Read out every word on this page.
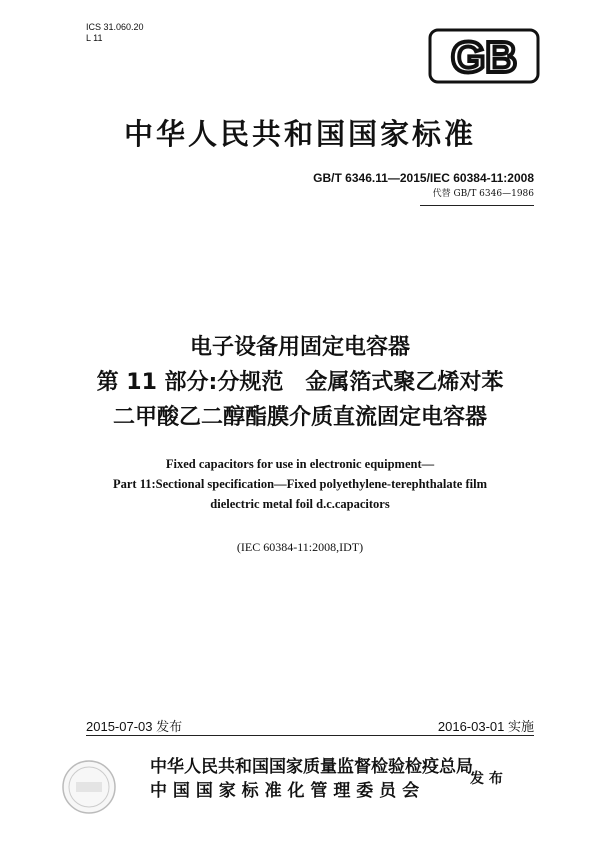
ICS 31.060.20
L 11	GB
中华人民共和国国家标准
GB/T 6346.11—2015/IEC 60384-11:2008
代替 GB/T 6346—1986
电子设备用固定电容器
第 11 部分:分规范　金属箔式聚乙烯对苯
二甲酸乙二醇酯膜介质直流固定电容器
Fixed capacitors for use in electronic equipment—
Part 11:Sectional specification—Fixed polyethylene-terephthalate film
dielectric metal foil d.c.capacitors
(IEC 60384-11:2008,IDT)
2015-07-03 发布	2016-03-01 实施
中华人民共和国国家质量监督检验检疫总局
中 国 国 家 标 准 化 管 理 委 员 会
发 布
